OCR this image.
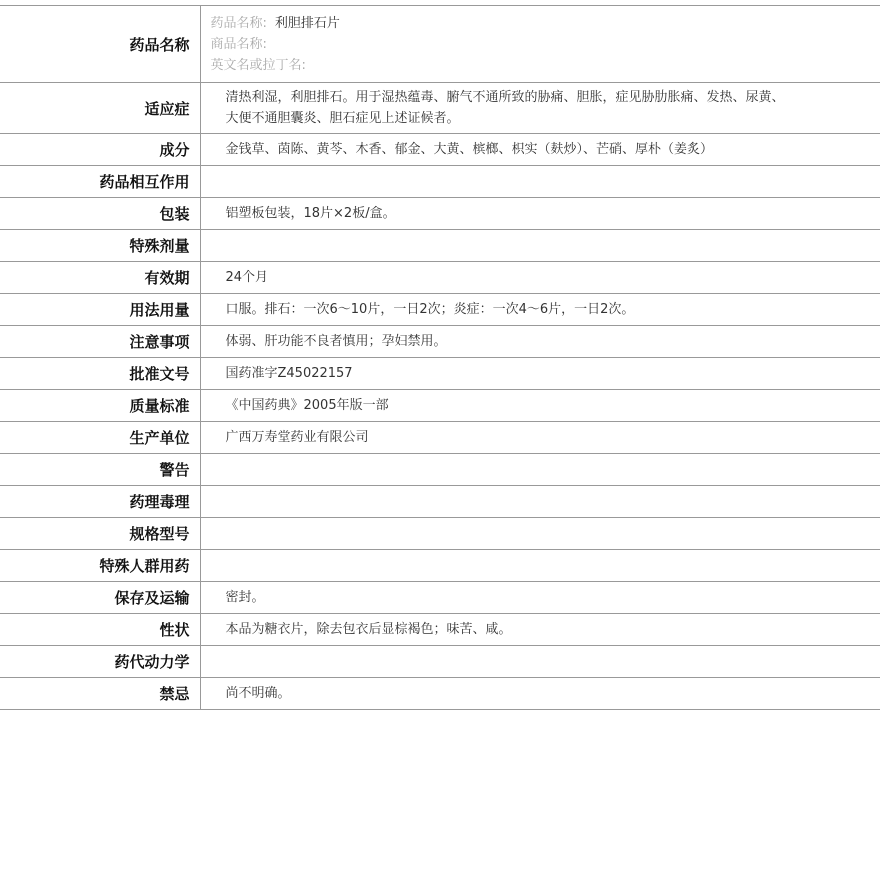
药品名称	药品名称: 利胆排石片
商品名称:
英文名或拉丁名:

适应症	清热利湿，利胆排石。用于湿热蕴毒、腑气不通所致的胁痛、胆胀，症见胁肋胀痛、发热、尿黄、大便不通胆囊炎、胆石症见上述证候者。
成分	金钱草、茵陈、黄芩、木香、郁金、大黄、槟榔、枳实（麸炒）、芒硝、厚朴（姜炙）
药品相互作用	
包装	铝塑板包装，18片×2板/盒。
特殊剂量	
有效期	24个月
用法用量	口服。排石：一次6～10片，一日2次；炎症：一次4～6片，一日2次。
注意事项	体弱、肝功能不良者慎用；孕妇禁用。
批准文号	国药准字Z45022157
质量标准	《中国药典》2005年版一部
生产单位	广西万寿堂药业有限公司
警告	
药理毒理	
规格型号	
特殊人群用药	
保存及运输	密封。
性状	本品为糖衣片，除去包衣后显棕褐色；味苦、咸。
药代动力学	
禁忌	尚不明确。
